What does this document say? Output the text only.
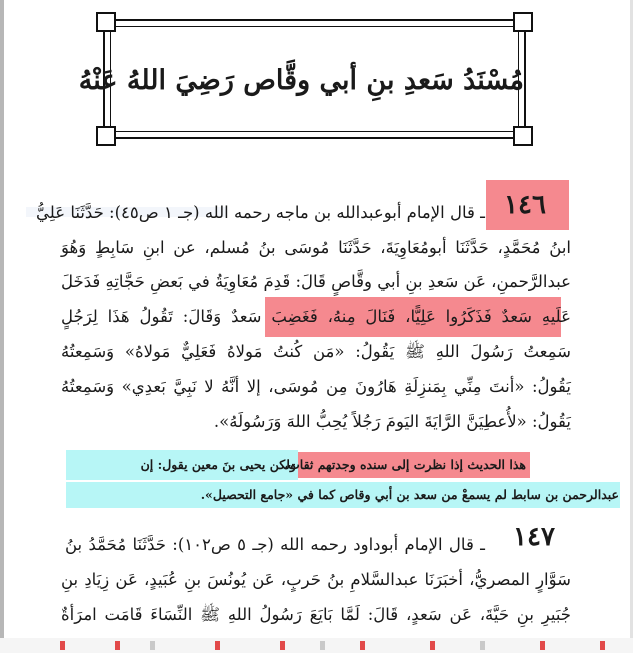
مُسْنَدُ سَعدِ بنِ أبي وقَّاص رَضِيَ اللهُ عَنْهُ
١٤٦
ـ قال الإمام أبوعبدالله بن ماجه رحمه الله (جـ ١ ص٤٥): حَدَّثَنَا عَلِيُّ
ابنُ مُحَمَّدٍ، حَدَّثَنَا أبومُعَاوِيَةَ، حَدَّثَنَا مُوسَى بنُ مُسلم، عن ابنِ سَابِطٍ وَهُوَ
عبدالرَّحمنِ، عَن سَعدِ بنِ أبي وقَّاصٍ قَالَ: قَدِمَ مُعَاوِيَةُ في بَعضِ حَجَّاتِهِ فَدَخَلَ
عَلَيهِ سَعدٌ فَذَكَرُوا عَلِيًّا، فَنَالَ مِنهُ، فَغَضِبَ سَعدٌ وَقَالَ: تَقُولُ هَذَا لِرَجُلٍ
سَمِعتُ رَسُولَ اللهِ ﷺ يَقُولُ: «مَن كُنتُ مَولاهُ فَعَلِيٌّ مَولاهُ» وَسَمِعتُهُ
يَقُولُ: «أنتَ مِنِّي بِمَنزِلَةِ هَارُونَ مِن مُوسَى، إلا أنَّهُ لا نَبِيَّ بَعدِي» وَسَمِعتُهُ
يَقُولُ: «لأُعطِيَنَّ الرَّايَةَ اليَومَ رَجُلاً يُحِبُّ اللهَ وَرَسُولَهُ».
هذا الحديث إذا نظرت إلى سنده وجدتهم ثقات،
ولكن يحيى بنَ معين يقول: إن
عبدالرحمن بن سابط لم يسمعْ من سعد بن أبي وقاص كما في «جامع التحصيل».
١٤٧
ـ قال الإمام أبوداود رحمه الله (جـ ٥ ص١٠٢): حَدَّثَنَا مُحَمَّدُ بنُ
سَوَّارٍ المصريُّ، أخبَرَنَا عبدالسَّلامِ بنُ حَربٍ، عَن يُونُسَ بنِ عُبَيدٍ، عَن زِيَادِ بنِ
جُبَيرِ بنِ حَيَّةَ، عَن سَعدٍ، قَالَ: لَمَّا بَايَعَ رَسُولُ اللهِ ﷺ النِّسَاءَ قَامَت امرَأةٌ
